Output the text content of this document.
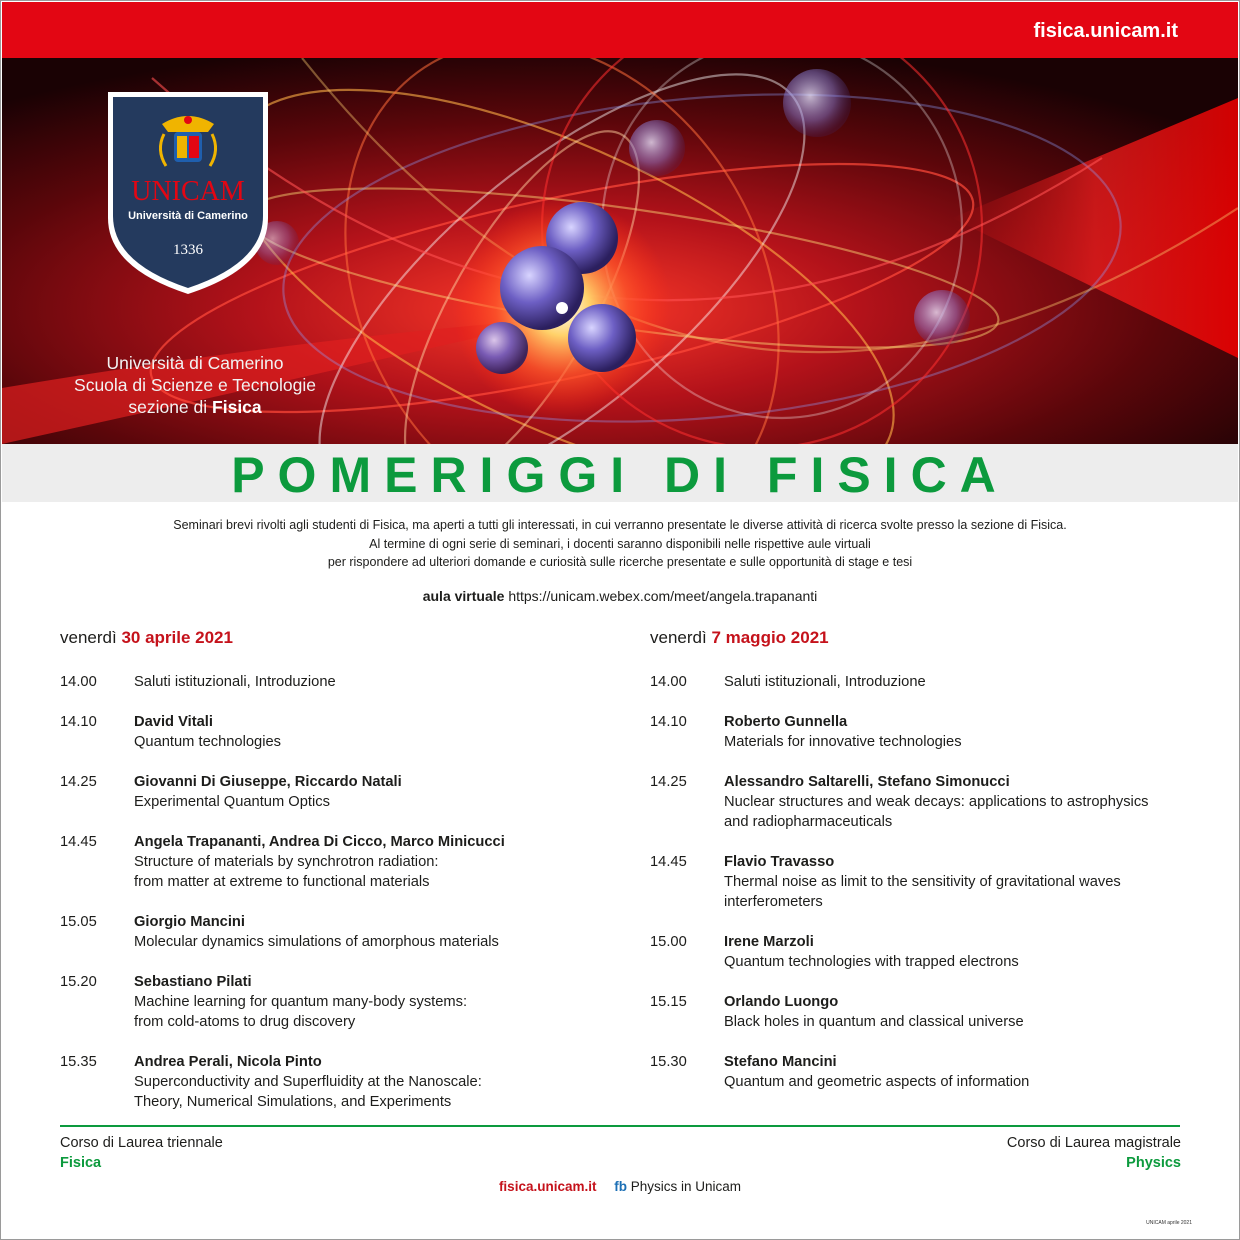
fisica.unicam.it
UNICAM
Università di Camerino
1336
Università di Camerino
Scuola di Scienze e Tecnologie
sezione di Fisica
POMERIGGI DI FISICA
Seminari brevi rivolti agli studenti di Fisica, ma aperti a tutti gli interessati, in cui verranno presentate le diverse attività di ricerca svolte presso la sezione di Fisica.
Al termine di ogni serie di seminari, i docenti saranno disponibili nelle rispettive aule virtuali
per rispondere ad ulteriori domande e curiosità sulle ricerche presentate e sulle opportunità di stage e tesi
aula virtuale https://unicam.webex.com/meet/angela.trapananti
venerdì 30 aprile 2021
14.00	Saluti istituzionali, Introduzione
14.10	David Vitali
Quantum technologies
14.25	Giovanni Di Giuseppe, Riccardo Natali
Experimental Quantum Optics
14.45	Angela Trapananti, Andrea Di Cicco, Marco Minicucci
Structure of materials by synchrotron radiation:
from matter at extreme to functional materials
15.05	Giorgio Mancini
Molecular dynamics simulations of amorphous materials
15.20	Sebastiano Pilati
Machine learning for quantum many-body systems:
from cold-atoms to drug discovery
15.35	Andrea Perali, Nicola Pinto
Superconductivity and Superfluidity at the Nanoscale:
Theory, Numerical Simulations, and Experiments
venerdì 7 maggio 2021
14.00	Saluti istituzionali, Introduzione
14.10	Roberto Gunnella
Materials for innovative technologies
14.25	Alessandro Saltarelli, Stefano Simonucci
Nuclear structures and weak decays: applications to astrophysics
and radiopharmaceuticals
14.45	Flavio Travasso
Thermal noise as limit to the sensitivity of gravitational waves
interferometers
15.00	Irene Marzoli
Quantum technologies with trapped electrons
15.15	Orlando Luongo
Black holes in quantum and classical universe
15.30	Stefano Mancini
Quantum and geometric aspects of information
Corso di Laurea triennale
Fisica
Corso di Laurea magistrale
Physics
fisica.unicam.it fb Physics in Unicam
UNICAM aprile 2021
